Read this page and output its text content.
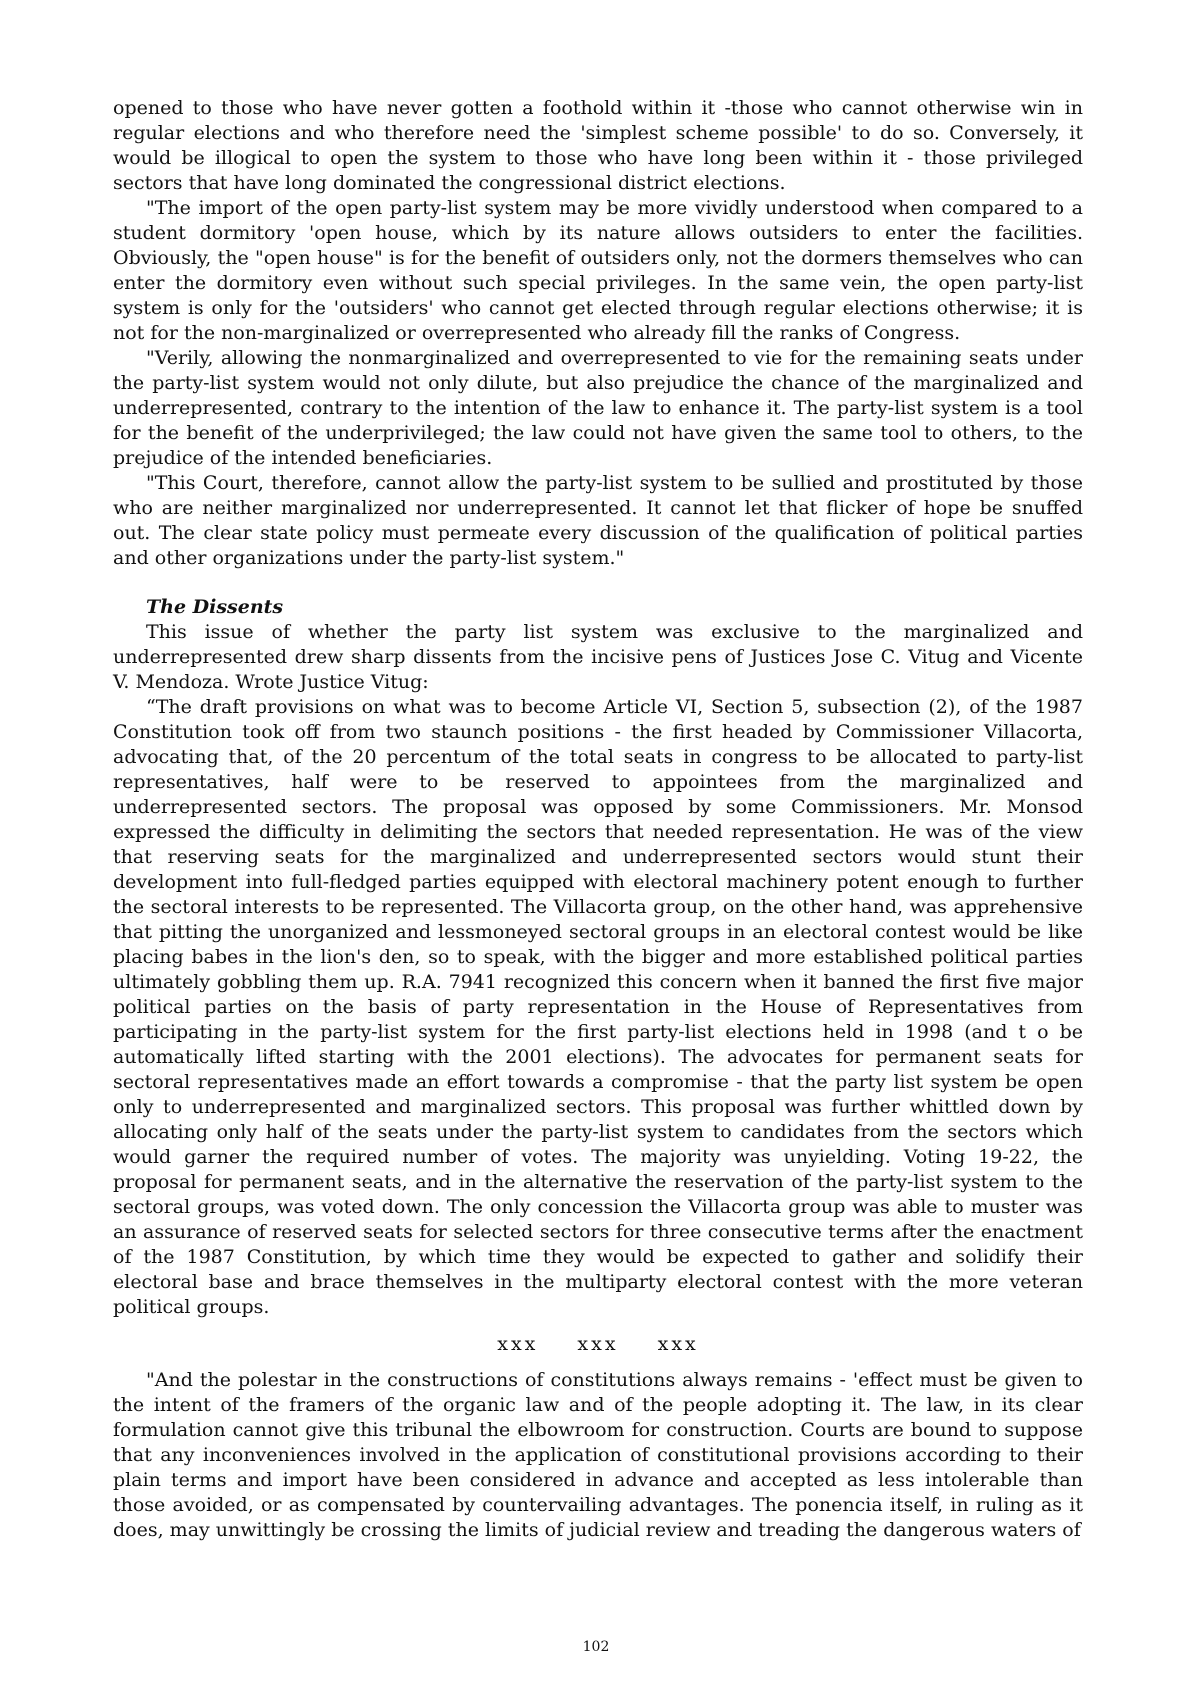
opened to those who have never gotten a foothold within it -those who cannot otherwise win in regular elections and who therefore need the 'simplest scheme possible' to do so. Conversely, it would be illogical to open the system to those who have long been within it - those privileged sectors that have long dominated the congressional district elections.

"The import of the open party-list system may be more vividly understood when compared to a student dormitory 'open house, which by its nature allows outsiders to enter the facilities. Obviously, the "open house" is for the benefit of outsiders only, not the dormers themselves who can enter the dormitory even without such special privileges. In the same vein, the open party-list system is only for the 'outsiders' who cannot get elected through regular elections otherwise; it is not for the non-marginalized or overrepresented who already fill the ranks of Congress.

"Verily, allowing the nonmarginalized and overrepresented to vie for the remaining seats under the party-list system would not only dilute, but also prejudice the chance of the marginalized and underrepresented, contrary to the intention of the law to enhance it. The party-list system is a tool for the benefit of the underprivileged; the law could not have given the same tool to others, to the prejudice of the intended beneficiaries.

"This Court, therefore, cannot allow the party-list system to be sullied and prostituted by those who are neither marginalized nor underrepresented. It cannot let that flicker of hope be snuffed out. The clear state policy must permeate every discussion of the qualification of political parties and other organizations under the party-list system."

The Dissents

This issue of whether the party list system was exclusive to the marginalized and underrepresented drew sharp dissents from the incisive pens of Justices Jose C. Vitug and Vicente V. Mendoza. Wrote Justice Vitug:

“The draft provisions on what was to become Article VI, Section 5, subsection (2), of the 1987 Constitution took off from two staunch positions - the first headed by Commissioner Villacorta, advocating that, of the 20 percentum of the total seats in congress to be allocated to party-list representatives, half were to be reserved to appointees from the marginalized and underrepresented sectors. The proposal was opposed by some Commissioners. Mr. Monsod expressed the difficulty in delimiting the sectors that needed representation. He was of the view that reserving seats for the marginalized and underrepresented sectors would stunt their development into full-fledged parties equipped with electoral machinery potent enough to further the sectoral interests to be represented. The Villacorta group, on the other hand, was apprehensive that pitting the unorganized and lessmoneyed sectoral groups in an electoral contest would be like placing babes in the lion's den, so to speak, with the bigger and more established political parties ultimately gobbling them up. R.A. 7941 recognized this concern when it banned the first five major political parties on the basis of party representation in the House of Representatives from participating in the party-list system for the first party-list elections held in 1998 (and t o be automatically lifted starting with the 2001 elections). The advocates for permanent seats for sectoral representatives made an effort towards a compromise - that the party list system be open only to underrepresented and marginalized sectors. This proposal was further whittled down by allocating only half of the seats under the party-list system to candidates from the sectors which would garner the required number of votes. The majority was unyielding. Voting 19-22, the proposal for permanent seats, and in the alternative the reservation of the party-list system to the sectoral groups, was voted down. The only concession the Villacorta group was able to muster was an assurance of reserved seats for selected sectors for three consecutive terms after the enactment of the 1987 Constitution, by which time they would be expected to gather and solidify their electoral base and brace themselves in the multiparty electoral contest with the more veteran political groups.

xxx xxx xxx

"And the polestar in the constructions of constitutions always remains - 'effect must be given to the intent of the framers of the organic law and of the people adopting it. The law, in its clear formulation cannot give this tribunal the elbowroom for construction. Courts are bound to suppose that any inconveniences involved in the application of constitutional provisions according to their plain terms and import have been considered in advance and accepted as less intolerable than those avoided, or as compensated by countervailing advantages. The ponencia itself, in ruling as it does, may unwittingly be crossing the limits of judicial review and treading the dangerous waters of

102
